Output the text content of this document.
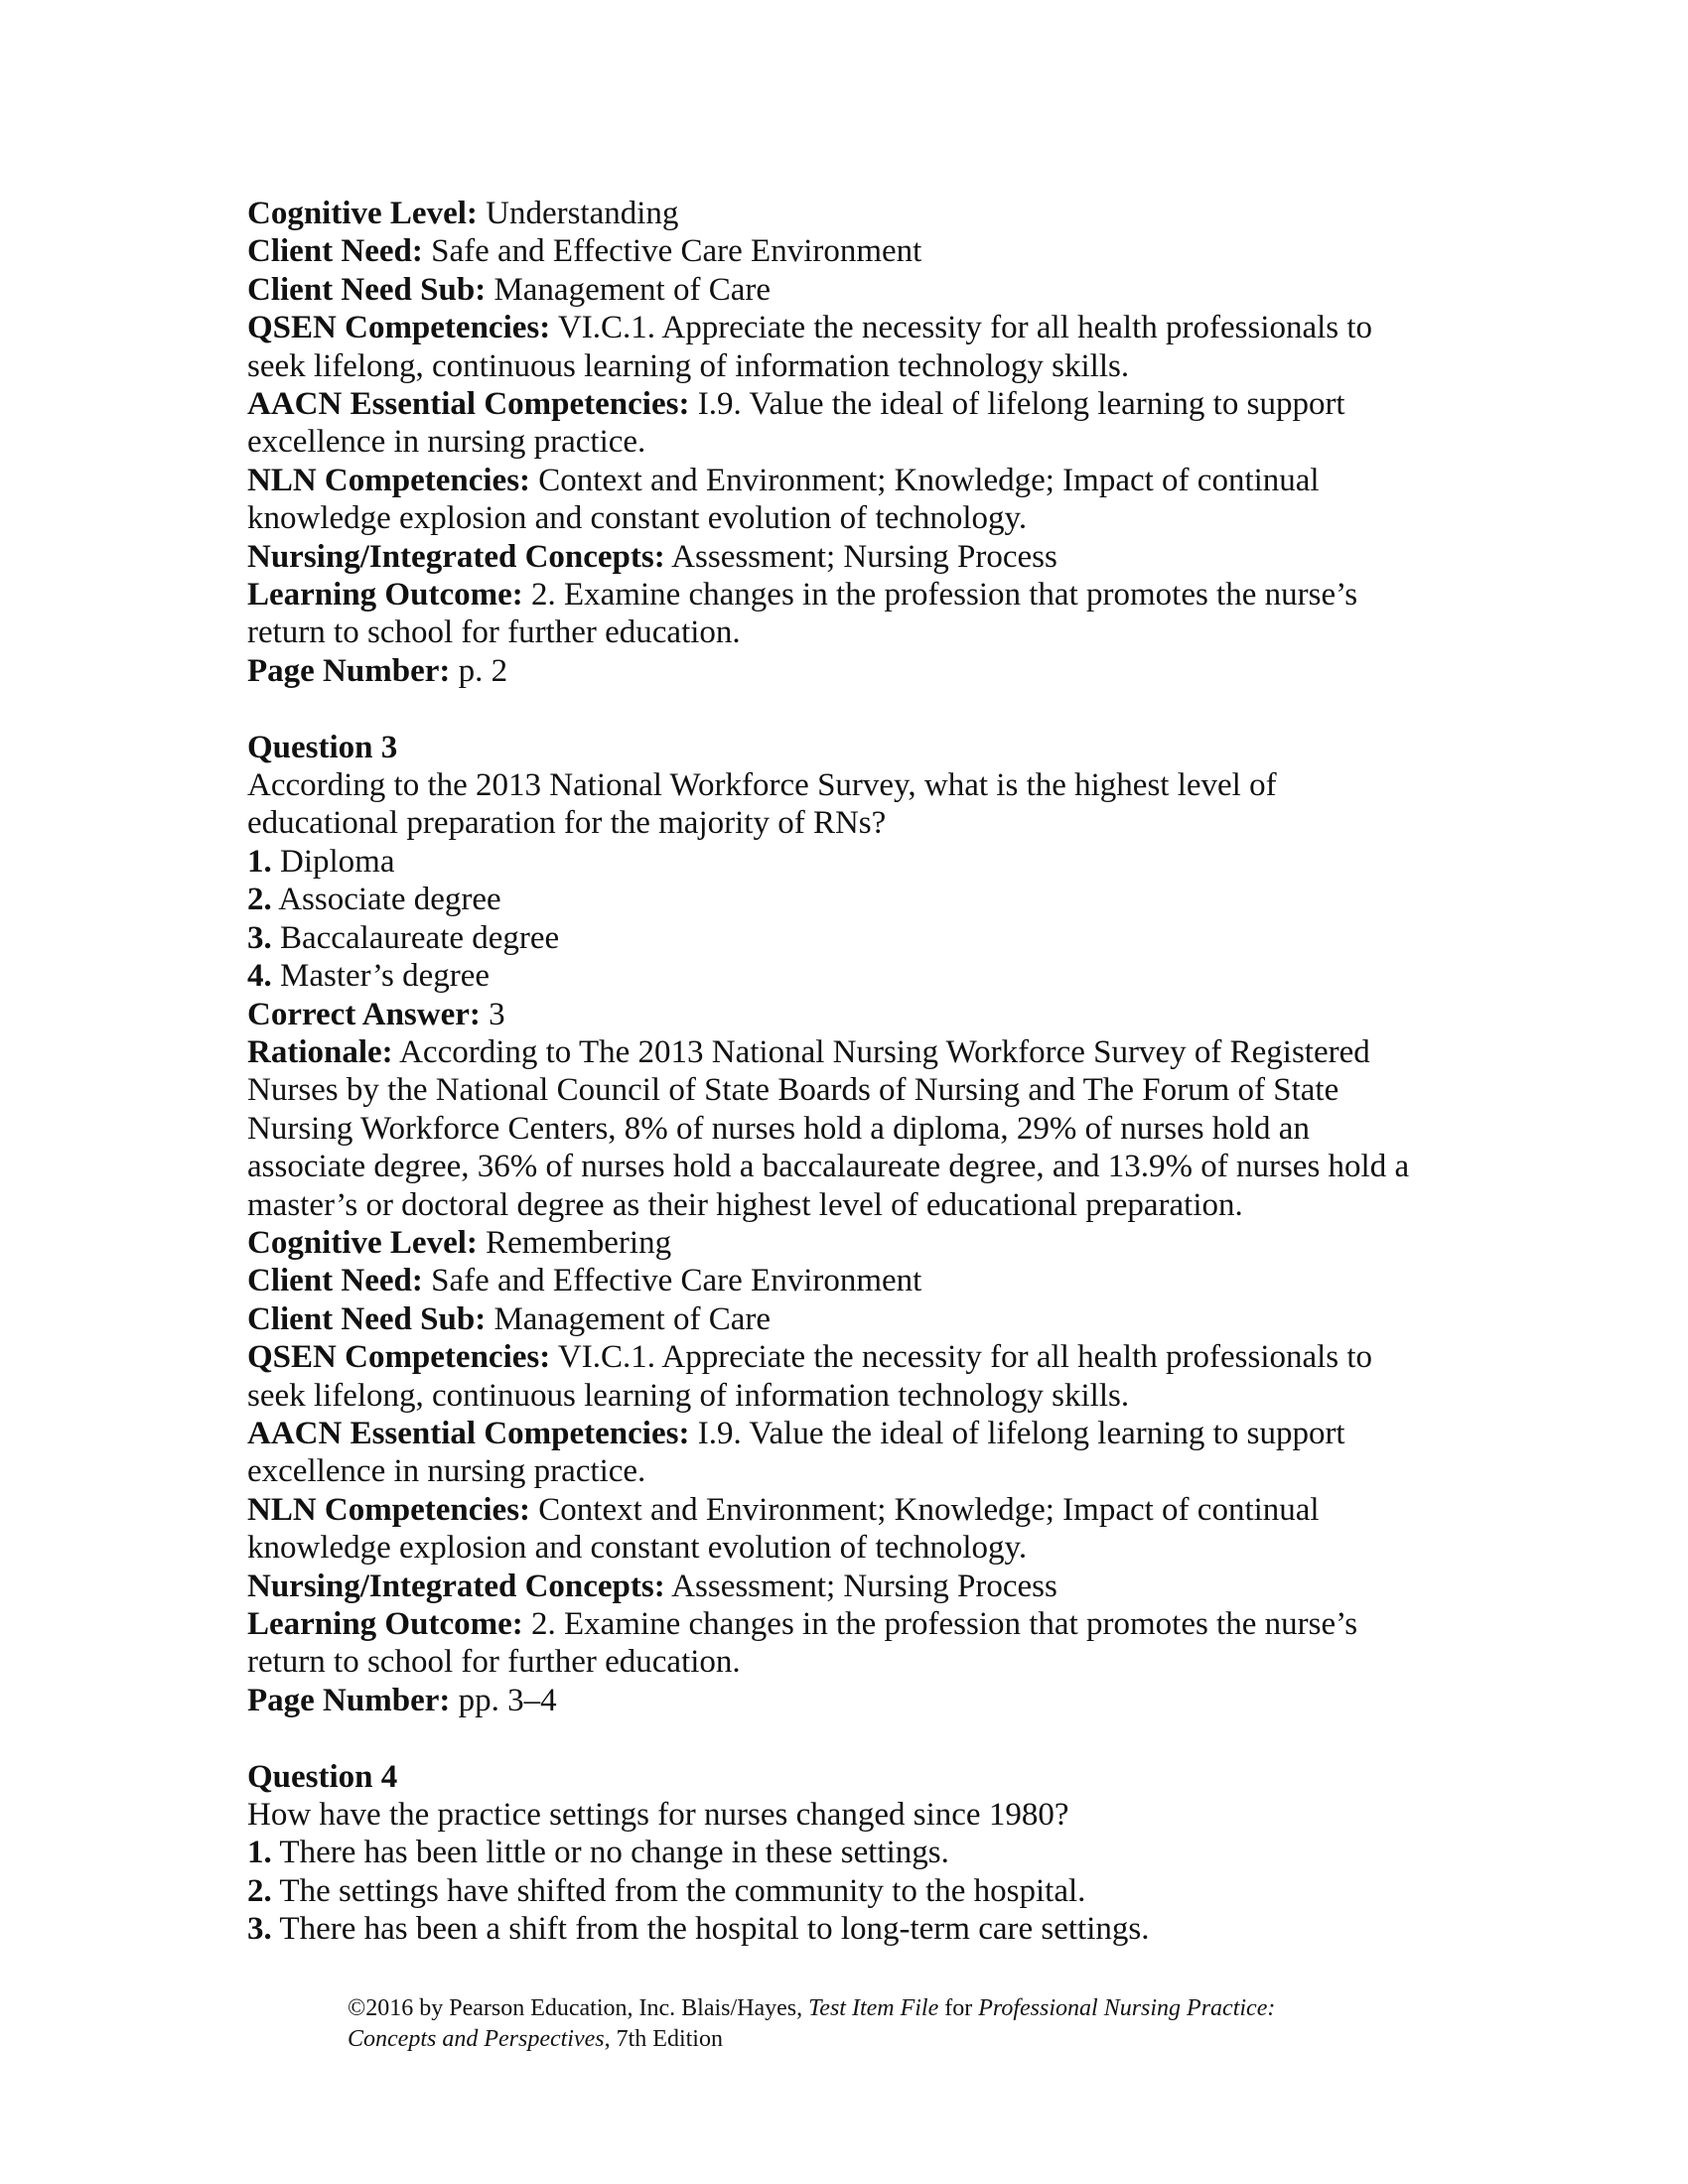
Cognitive Level: Understanding

Client Need: Safe and Effective Care Environment

Client Need Sub: Management of Care

QSEN Competencies: VI.C.1. Appreciate the necessity for all health professionals to

seek lifelong, continuous learning of information technology skills.

AACN Essential Competencies: I.9. Value the ideal of lifelong learning to support

excellence in nursing practice.

NLN Competencies: Context and Environment; Knowledge; Impact of continual

knowledge explosion and constant evolution of technology.

Nursing/Integrated Concepts: Assessment; Nursing Process

Learning Outcome: 2. Examine changes in the profession that promotes the nurse’s

return to school for further education.

Page Number: p. 2

Question 3

According to the 2013 National Workforce Survey, what is the highest level of

educational preparation for the majority of RNs?

1. Diploma

2. Associate degree

3. Baccalaureate degree

4. Master’s degree

Correct Answer: 3

Rationale: According to The 2013 National Nursing Workforce Survey of Registered

Nurses by the National Council of State Boards of Nursing and The Forum of State

Nursing Workforce Centers, 8% of nurses hold a diploma, 29% of nurses hold an

associate degree, 36% of nurses hold a baccalaureate degree, and 13.9% of nurses hold a

master’s or doctoral degree as their highest level of educational preparation.

Cognitive Level: Remembering

Client Need: Safe and Effective Care Environment

Client Need Sub: Management of Care

QSEN Competencies: VI.C.1. Appreciate the necessity for all health professionals to

seek lifelong, continuous learning of information technology skills.

AACN Essential Competencies: I.9. Value the ideal of lifelong learning to support

excellence in nursing practice.

NLN Competencies: Context and Environment; Knowledge; Impact of continual

knowledge explosion and constant evolution of technology.

Nursing/Integrated Concepts: Assessment; Nursing Process

Learning Outcome: 2. Examine changes in the profession that promotes the nurse’s

return to school for further education.

Page Number: pp. 3–4

Question 4

How have the practice settings for nurses changed since 1980?

1. There has been little or no change in these settings.

2. The settings have shifted from the community to the hospital.

3. There has been a shift from the hospital to long-term care settings.

©2016 by Pearson Education, Inc. Blais/Hayes, Test Item File for Professional Nursing Practice:

Concepts and Perspectives, 7th Edition
